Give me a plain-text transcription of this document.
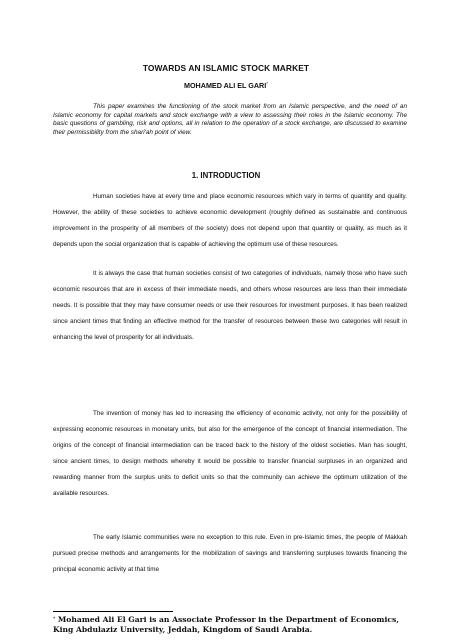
TOWARDS AN ISLAMIC STOCK MARKET
MOHAMED ALI EL GARI*
This paper examines the functioning of the stock market from an Islamic perspective, and the need of an Islamic economy for capital markets and stock exchange with a view to assessing their roles in the Islamic economy. The basic questions of gambling, risk and options, all in relation to the operation of a stock exchange, are discussed to examine their permissibility from the shari'ah point of view.
1. INTRODUCTION
Human societies have at every time and place economic resources which vary in terms of quantity and quality. However, the ability of these societies to achieve economic development (roughly defined as sustainable and continuous improvement in the prosperity of all members of the society) does not depend upon that quantity or quality, as much as it depends upon the social organization that is capable of achieving the optimum use of these resources.
It is always the case that human societies consist of two categories of individuals, namely those who have such economic resources that are in excess of their immediate needs, and others whose resources are less than their immediate needs. It is possible that they may have consumer needs or use their resources for investment purposes. It has been realized since ancient times that finding an effective method for the transfer of resources between these two categories will result in enhancing the level of prosperity for all individuals.
The invention of money has led to increasing the efficiency of economic activity, not only for the possibility of expressing economic resources in monetary units, but also for the emergence of the concept of financial intermediation. The origins of the concept of financial intermediation can be traced back to the history of the oldest societies. Man has sought, since ancient times, to design methods whereby it would be possible to transfer financial surpluses in an organized and rewarding manner from the surplus units to deficit units so that the community can achieve the optimum utilization of the available resources.
The early Islamic communities were no exception to this rule. Even in pre-Islamic times, the people of Makkah pursued precise methods and arrangements for the mobilization of savings and transferring surpluses towards financing the principal economic activity at that time
* Mohamed Ali El Gari is an Associate Professor in the Department of Economics, King Abdulaziz University, Jeddah, Kingdom of Saudi Arabia.
